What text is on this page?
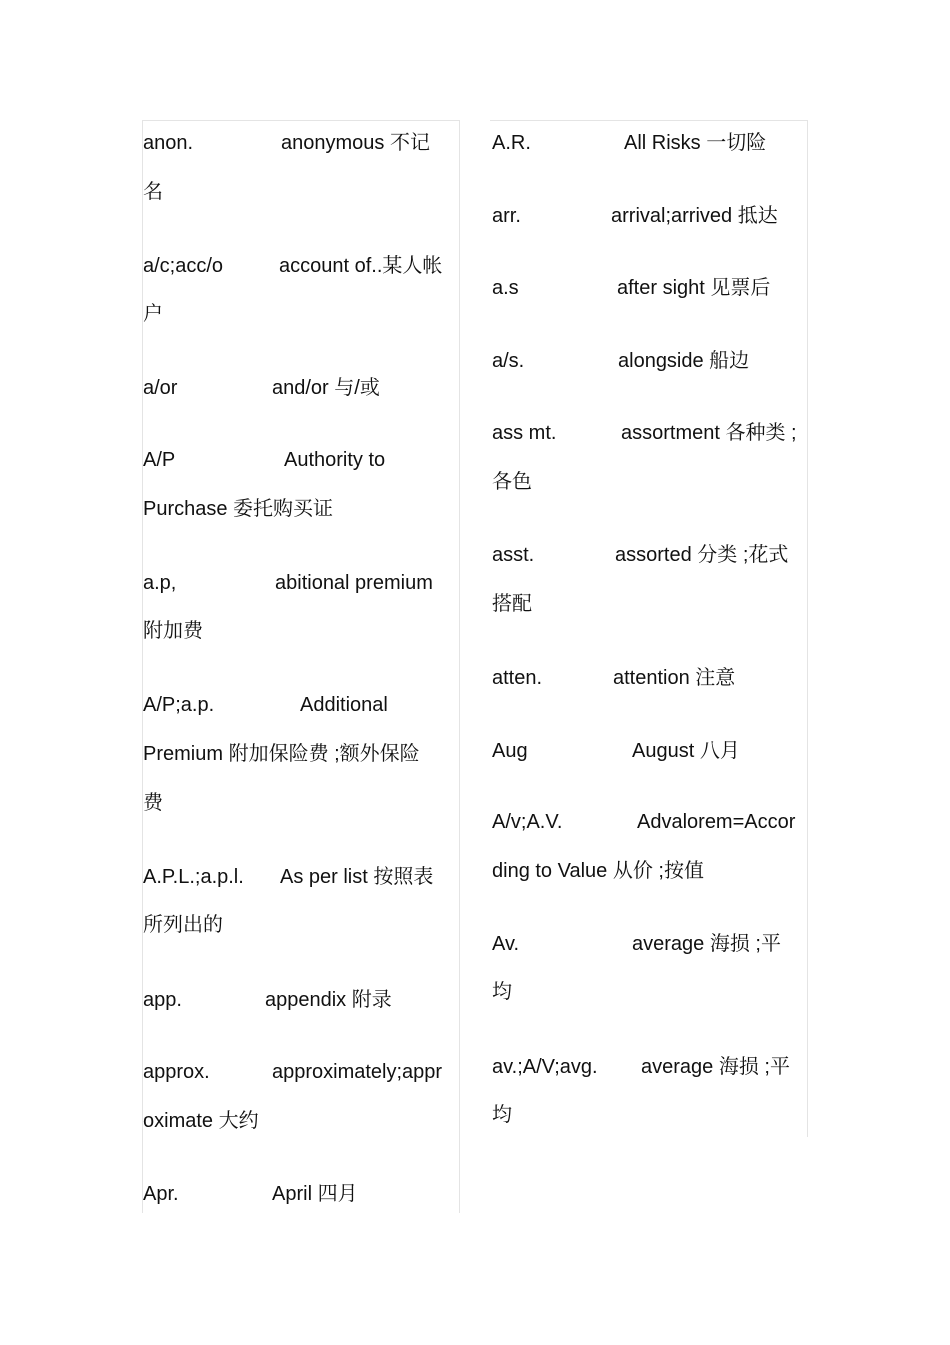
anon.	anonymous 不记
名
a/c;acc/o	account of..某人帐
户
a/or	and/or 与/或
A/P	Authority to
Purchase 委托购买证
a.p,	abitional premium
附加费
A/P;a.p.	Additional
Premium 附加保险费 ;额外保险
费
A.P.L.;a.p.l. As per list 按照表
所列出的
app.	appendix 附录
approx.	approximately;appr
oximate 大约
Apr.	April 四月
A.R.	All Risks 一切险
arr.	arrival;arrived 抵达
a.s	after sight 见票后
a/s.	alongside 船边
ass mt.	assortment 各种类 ;
各色
asst.	assorted 分类 ;花式
搭配
atten.	attention 注意
Aug	August 八月
A/v;A.V.	Advalorem=Accor
ding to Value 从价 ;按值
Av.	average 海损 ;平
均
av.;A/V;avg. average 海损 ;平
均
